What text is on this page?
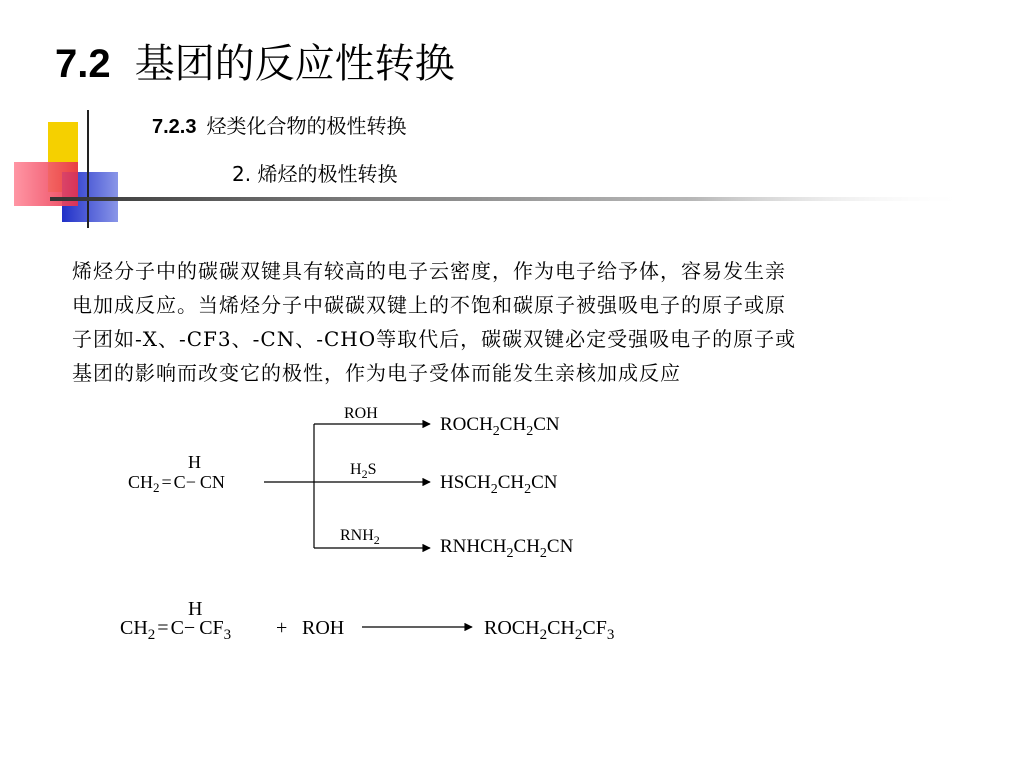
7.2 基团的反应性转换
7.2.3 烃类化合物的极性转换
2. 烯烃的极性转换

烯烃分子中的碳碳双键具有较高的电子云密度，作为电子给予体，容易发生亲

电加成反应。当烯烃分子中碳碳双键上的不饱和碳原子被强吸电子的原子或原

子团如-X、-CF3、-CN、-CHO等取代后，碳碳双键必定受强吸电子的原子或

基团的影响而改变它的极性，作为电子受体而能发生亲核加成反应

H
$CH_2 = C-$ CN
ROH
$H_2S$
$RNH_2$
$ROCH_2CH_2CN$
$HSCH_2CH_2CN$
$RNHCH_2CH_2CN$
H
$CH_2 = C- CF_3$ + ROH	$ROCH_2CH_2CF_3$
